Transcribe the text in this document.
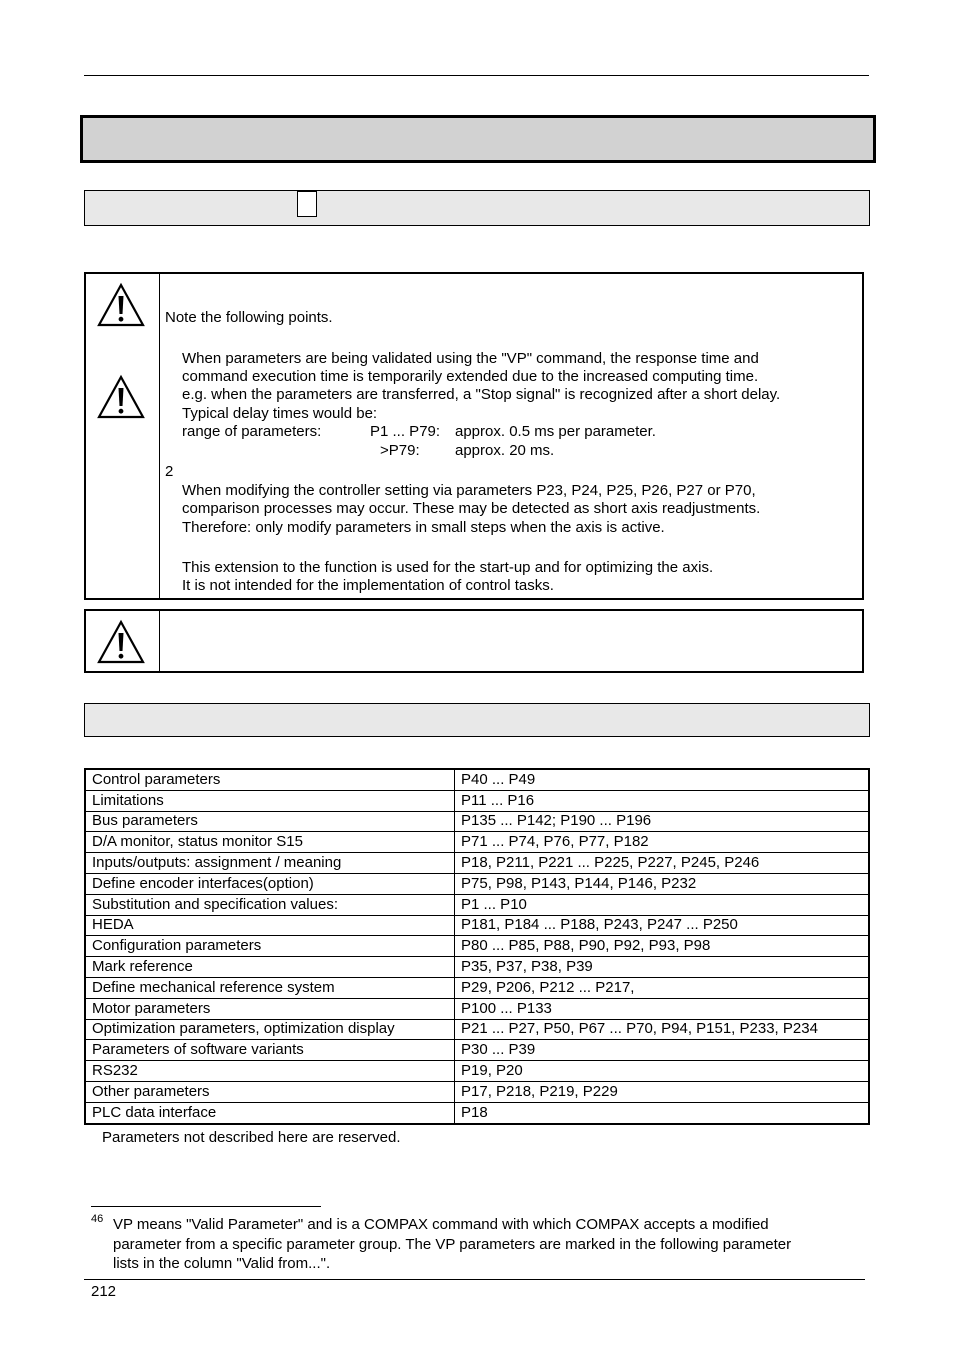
Note the following points.
When parameters are being validated using the "VP" command, the response time and
command execution time is temporarily extended due to the increased computing time.
e.g. when the parameters are transferred, a "Stop signal" is recognized after a short delay.
Typical delay times would be:
range of parameters:	P1 ... P79: approx. 0.5 ms per parameter.
>P79: approx. 20 ms.
2
When modifying the controller setting via parameters P23, P24, P25, P26, P27 or P70,
comparison processes may occur. These may be detected as short axis readjustments.
Therefore: only modify parameters in small steps when the axis is active.
This extension to the function is used for the start-up and for optimizing the axis.
It is not intended for the implementation of control tasks.
Control parameters	P40 ... P49
Limitations	P11 ... P16
Bus parameters	P135 ... P142; P190 ... P196
D/A monitor, status monitor S15	P71 ... P74, P76, P77, P182
Inputs/outputs: assignment / meaning	P18, P211, P221 ... P225, P227, P245, P246
Define encoder interfaces(option)	P75, P98, P143, P144, P146, P232
Substitution and specification values:	P1 ... P10
HEDA	P181, P184 ... P188, P243, P247 ... P250
Configuration parameters	P80 ... P85, P88, P90, P92, P93, P98
Mark reference	P35, P37, P38, P39
Define mechanical reference system	P29, P206, P212 ... P217,
Motor parameters	P100 ... P133
Optimization parameters, optimization display	P21 ... P27, P50, P67 ... P70, P94, P151, P233, P234
Parameters of software variants	P30 ... P39
RS232	P19, P20
Other parameters	P17, P218, P219, P229
PLC data interface	P18
Parameters not described here are reserved.
46 VP means "Valid Parameter" and is a COMPAX command with which COMPAX accepts a modified
parameter from a specific parameter group. The VP parameters are marked in the following parameter
lists in the column "Valid from...".
212
